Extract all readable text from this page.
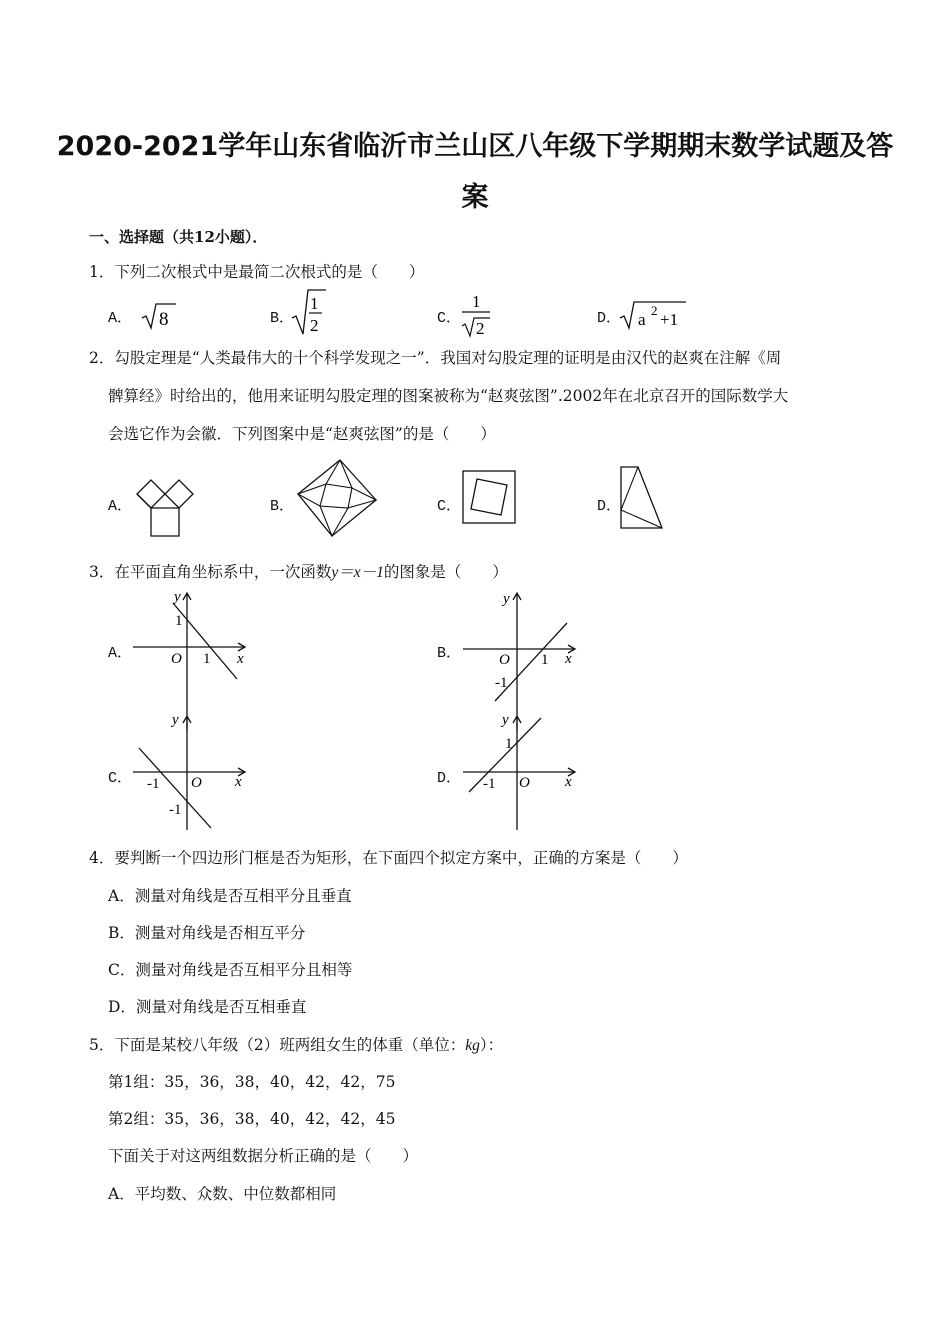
2020-2021学年山东省临沂市兰山区八年级下学期期末数学试题及答
案
一、选择题（共12小题）．
1．下列二次根式中是最简二次根式的是（　　）
A． 8	B．
1
2	C．
1
2
D． a 2 +1
2．勾股定理是“人类最伟大的十个科学发现之一”．我国对勾股定理的证明是由汉代的赵爽在注解《周
髀算经》时给出的，他用来证明勾股定理的图案被称为“赵爽弦图”.2002年在北京召开的国际数学大
会选它作为会徽．下列图案中是“赵爽弦图”的是（　　）
A．	B．	C．	D．
3．在平面直角坐标系中，一次函数y＝x－1的图象是（　　）
A．
y
x
O
1
1	B．
y
x
O 1
-1
C．
y
x
O
-1
-1
D．
y
x
O
-1
1
4．要判断一个四边形门框是否为矩形，在下面四个拟定方案中，正确的方案是（　　）
A．测量对角线是否互相平分且垂直
B．测量对角线是否相互平分
C．测量对角线是否互相平分且相等
D．测量对角线是否互相垂直
5．下面是某校八年级（2）班两组女生的体重（单位：kg）：
第1组：35，36，38，40，42，42，75
第2组：35，36，38，40，42，42，45
下面关于对这两组数据分析正确的是（　　）
A．平均数、众数、中位数都相同
